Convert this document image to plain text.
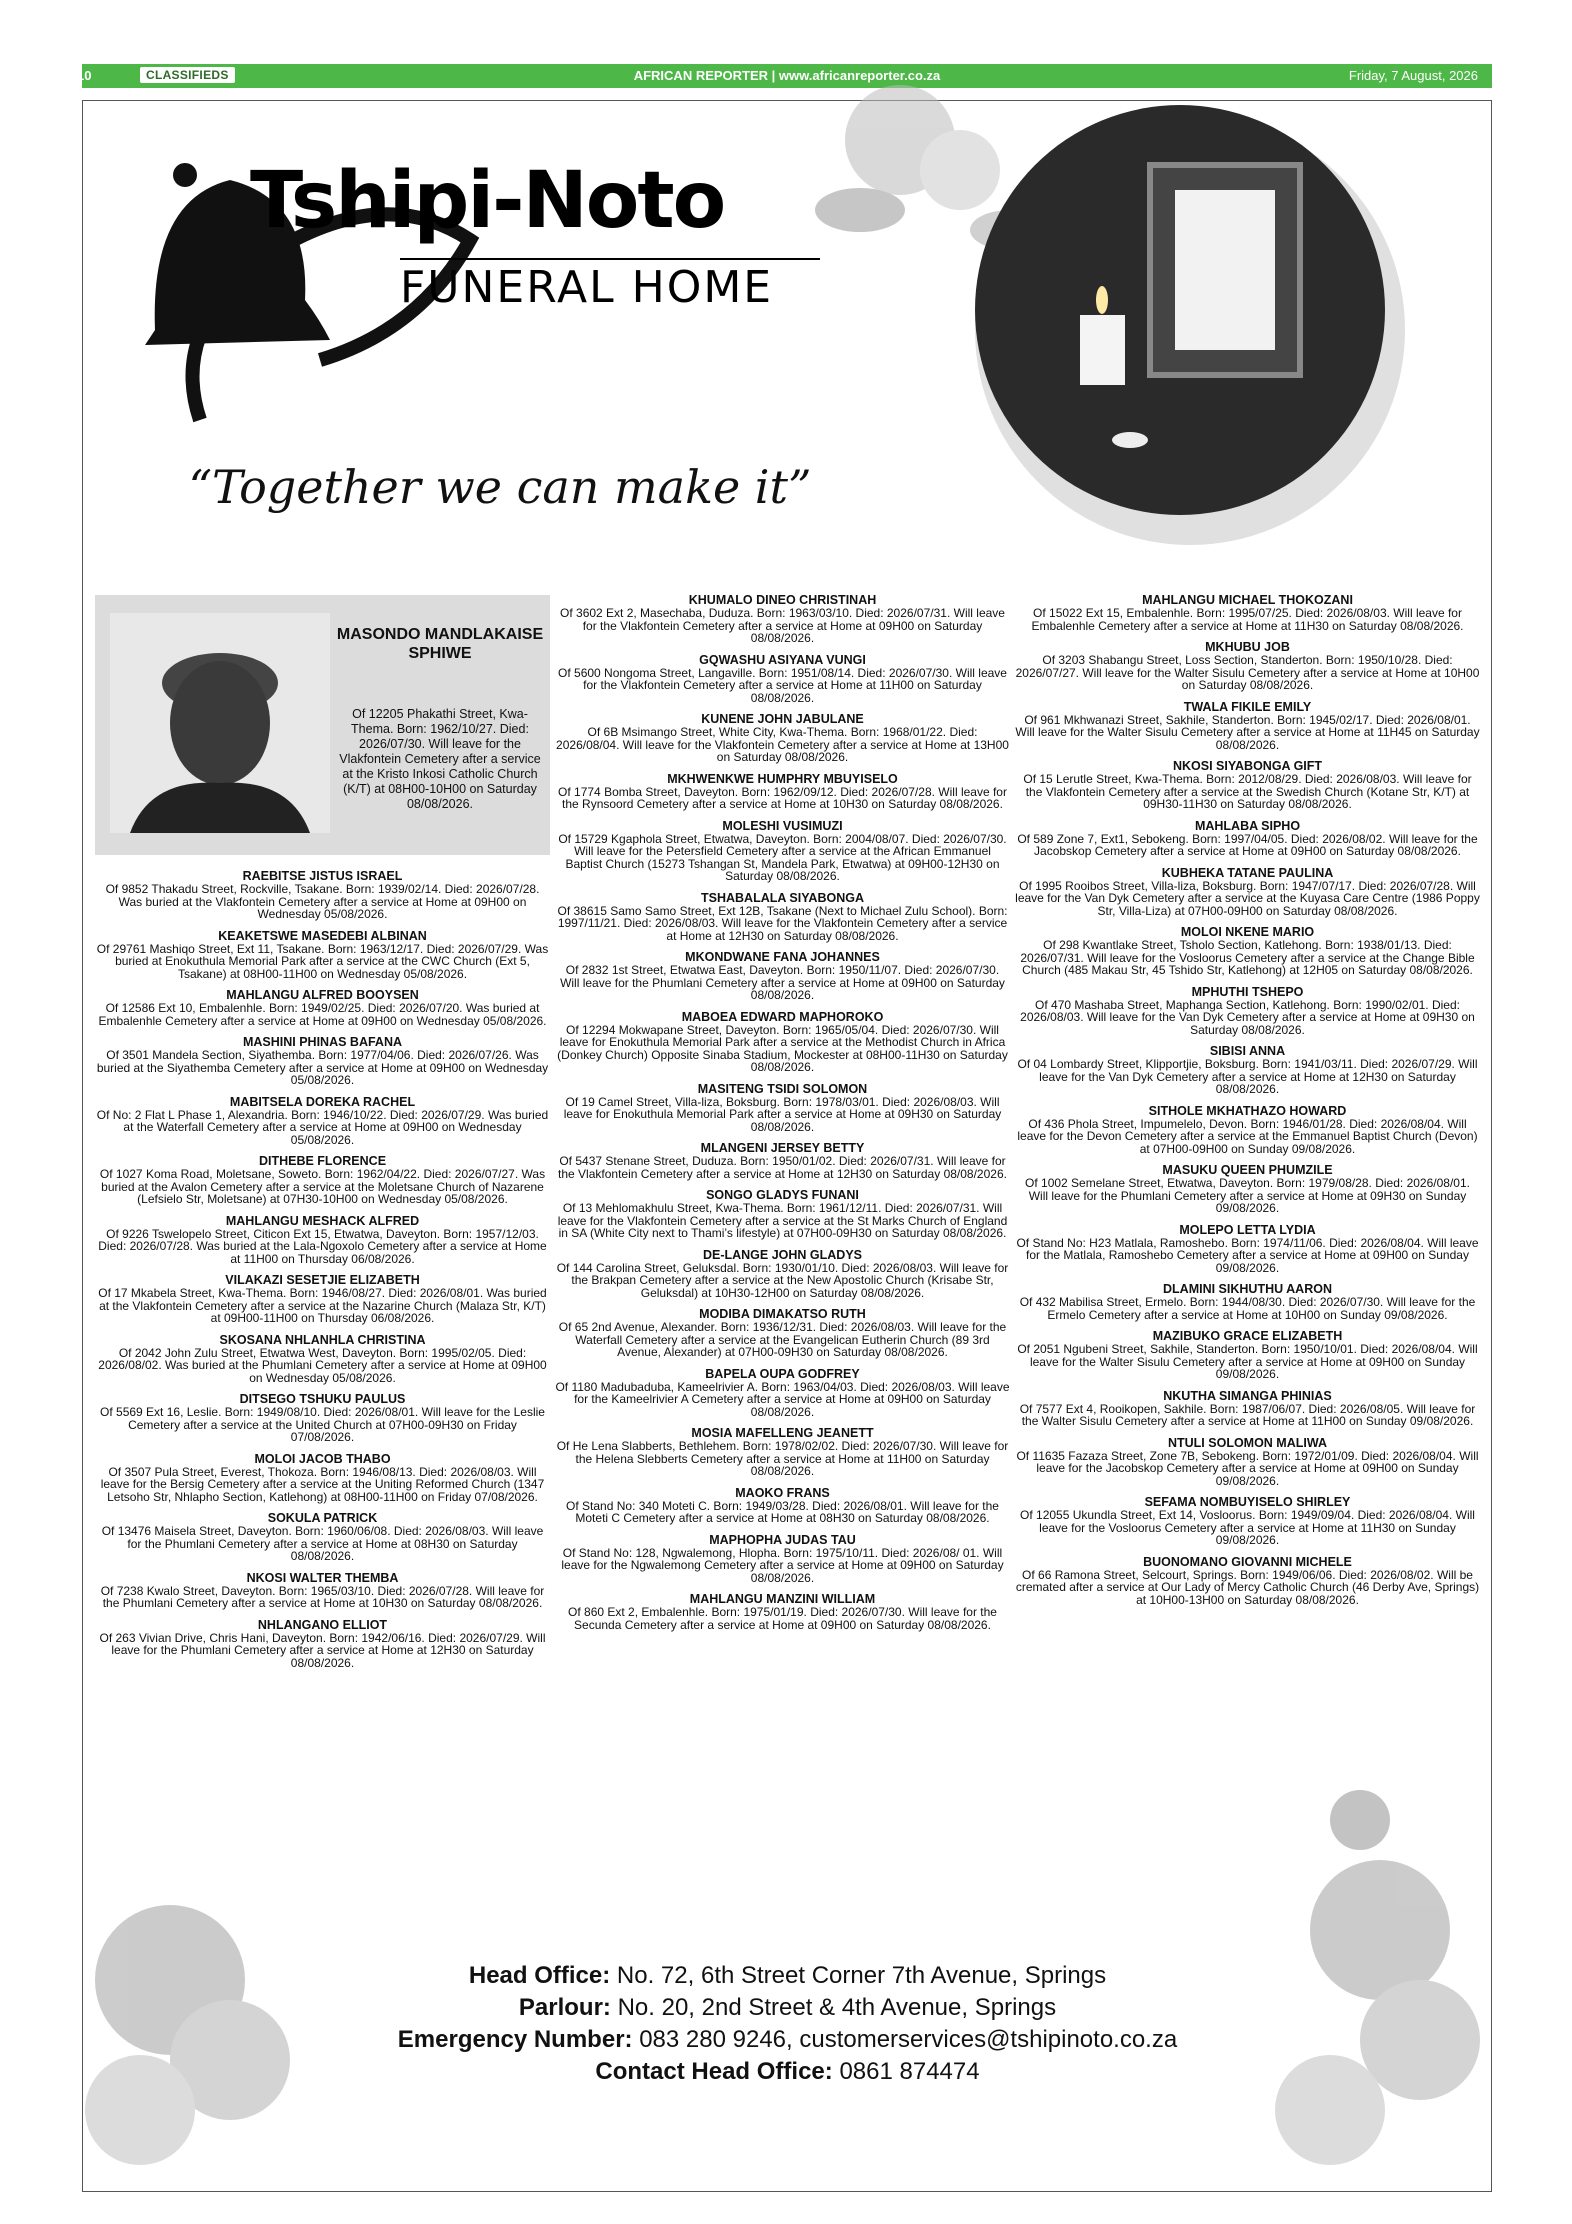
10	CLASSIFIEDS	AFRICAN REPORTER | www.africanreporter.co.za	Friday, 7 August, 2026
Tshipi-Noto
FUNERAL HOME
“Together we can make it”
MASONDO MANDLAKAISE SPHIWE
Of 12205 Phakathi Street, Kwa-Thema. Born: 1962/10/27. Died: 2026/07/30. Will leave for the Vlakfontein Cemetery after a service at the Kristo Inkosi Catholic Church (K/T) at 08H00-10H00 on Saturday 08/08/2026.
RAEBITSE JISTUS ISRAEL
Of 9852 Thakadu Street, Rockville, Tsakane. Born: 1939/02/14. Died: 2026/07/28. Was buried at the Vlakfontein Cemetery after a service at Home at 09H00 on Wednesday 05/08/2026.
KEAKETSWE MASEDEBI ALBINAN
Of 29761 Mashiqo Street, Ext 11, Tsakane. Born: 1963/12/17. Died: 2026/07/29. Was buried at Enokuthula Memorial Park after a service at the CWC Church (Ext 5, Tsakane) at 08H00-11H00 on Wednesday 05/08/2026.
MAHLANGU ALFRED BOOYSEN
Of 12586 Ext 10, Embalenhle. Born: 1949/02/25. Died: 2026/07/20. Was buried at Embalenhle Cemetery after a service at Home at 09H00 on Wednesday 05/08/2026.
MASHINI PHINAS BAFANA
Of 3501 Mandela Section, Siyathemba. Born: 1977/04/06. Died: 2026/07/26. Was buried at the Siyathemba Cemetery after a service at Home at 09H00 on Wednesday 05/08/2026.
MABITSELA DOREKA RACHEL
Of No: 2 Flat L Phase 1, Alexandria. Born: 1946/10/22. Died: 2026/07/29. Was buried at the Waterfall Cemetery after a service at Home at 09H00 on Wednesday 05/08/2026.
DITHEBE FLORENCE
Of 1027 Koma Road, Moletsane, Soweto. Born: 1962/04/22. Died: 2026/07/27. Was buried at the Avalon Cemetery after a service at the Moletsane Church of Nazarene (Lefsielo Str, Moletsane) at 07H30-10H00 on Wednesday 05/08/2026.
MAHLANGU MESHACK ALFRED
Of 9226 Tswelopelo Street, Citicon Ext 15, Etwatwa, Daveyton. Born: 1957/12/03. Died: 2026/07/28. Was buried at the Lala-Ngoxolo Cemetery after a service at Home at 11H00 on Thursday 06/08/2026.
VILAKAZI SESETJIE ELIZABETH
Of 17 Mkabela Street, Kwa-Thema. Born: 1946/08/27. Died: 2026/08/01. Was buried at the Vlakfontein Cemetery after a service at the Nazarine Church (Malaza Str, K/T) at 09H00-11H00 on Thursday 06/08/2026.
SKOSANA NHLANHLA CHRISTINA
Of 2042 John Zulu Street, Etwatwa West, Daveyton. Born: 1995/02/05. Died: 2026/08/02. Was buried at the Phumlani Cemetery after a service at Home at 09H00 on Wednesday 05/08/2026.
DITSEGO TSHUKU PAULUS
Of 5569 Ext 16, Leslie. Born: 1949/08/10. Died: 2026/08/01. Will leave for the Leslie Cemetery after a service at the United Church at 07H00-09H30 on Friday 07/08/2026.
MOLOI JACOB THABO
Of 3507 Pula Street, Everest, Thokoza. Born: 1946/08/13. Died: 2026/08/03. Will leave for the Bersig Cemetery after a service at the Uniting Reformed Church (1347 Letsoho Str, Nhlapho Section, Katlehong) at 08H00-11H00 on Friday 07/08/2026.
SOKULA PATRICK
Of 13476 Maisela Street, Daveyton. Born: 1960/06/08. Died: 2026/08/03. Will leave for the Phumlani Cemetery after a service at Home at 08H30 on Saturday 08/08/2026.
NKOSI WALTER THEMBA
Of 7238 Kwalo Street, Daveyton. Born: 1965/03/10. Died: 2026/07/28. Will leave for the Phumlani Cemetery after a service at Home at 10H30 on Saturday 08/08/2026.
NHLANGANO ELLIOT
Of 263 Vivian Drive, Chris Hani, Daveyton. Born: 1942/06/16. Died: 2026/07/29. Will leave for the Phumlani Cemetery after a service at Home at 12H30 on Saturday 08/08/2026.
KHUMALO DINEO CHRISTINAH
Of 3602 Ext 2, Masechaba, Duduza. Born: 1963/03/10. Died: 2026/07/31. Will leave for the Vlakfontein Cemetery after a service at Home at 09H00 on Saturday 08/08/2026.
GQWASHU ASIYANA VUNGI
Of 5600 Nongoma Street, Langaville. Born: 1951/08/14. Died: 2026/07/30. Will leave for the Vlakfontein Cemetery after a service at Home at 11H00 on Saturday 08/08/2026.
KUNENE JOHN JABULANE
Of 6B Msimango Street, White City, Kwa-Thema. Born: 1968/01/22. Died: 2026/08/04. Will leave for the Vlakfontein Cemetery after a service at Home at 13H00 on Saturday 08/08/2026.
MKHWENKWE HUMPHRY MBUYISELO
Of 1774 Bomba Street, Daveyton. Born: 1962/09/12. Died: 2026/07/28. Will leave for the Rynsoord Cemetery after a service at Home at 10H30 on Saturday 08/08/2026.
MOLESHI VUSIMUZI
Of 15729 Kgaphola Street, Etwatwa, Daveyton. Born: 2004/08/07. Died: 2026/07/30. Will leave for the Petersfield Cemetery after a service at the African Emmanuel Baptist Church (15273 Tshangan St, Mandela Park, Etwatwa) at 09H00-12H30 on Saturday 08/08/2026.
TSHABALALA SIYABONGA
Of 38615 Samo Samo Street, Ext 12B, Tsakane (Next to Michael Zulu School). Born: 1997/11/21. Died: 2026/08/03. Will leave for the Vlakfontein Cemetery after a service at Home at 12H30 on Saturday 08/08/2026.
MKONDWANE FANA JOHANNES
Of 2832 1st Street, Etwatwa East, Daveyton. Born: 1950/11/07. Died: 2026/07/30. Will leave for the Phumlani Cemetery after a service at Home at 09H00 on Saturday 08/08/2026.
MABOEA EDWARD MAPHOROKO
Of 12294 Mokwapane Street, Daveyton. Born: 1965/05/04. Died: 2026/07/30. Will leave for Enokuthula Memorial Park after a service at the Methodist Church in Africa (Donkey Church) Opposite Sinaba Stadium, Mockester at 08H00-11H30 on Saturday 08/08/2026.
MASITENG TSIDI SOLOMON
Of 19 Camel Street, Villa-liza, Boksburg. Born: 1978/03/01. Died: 2026/08/03. Will leave for Enokuthula Memorial Park after a service at Home at 09H30 on Saturday 08/08/2026.
MLANGENI JERSEY BETTY
Of 5437 Stenane Street, Duduza. Born: 1950/01/02. Died: 2026/07/31. Will leave for the Vlakfontein Cemetery after a service at Home at 12H30 on Saturday 08/08/2026.
SONGO GLADYS FUNANI
Of 13 Mehlomakhulu Street, Kwa-Thema. Born: 1961/12/11. Died: 2026/07/31. Will leave for the Vlakfontein Cemetery after a service at the St Marks Church of England in SA (White City next to Thami’s lifestyle) at 07H00-09H30 on Saturday 08/08/2026.
DE-LANGE JOHN GLADYS
Of 144 Carolina Street, Geluksdal. Born: 1930/01/10. Died: 2026/08/03. Will leave for the Brakpan Cemetery after a service at the New Apostolic Church (Krisabe Str, Geluksdal) at 10H30-12H00 on Saturday 08/08/2026.
MODIBA DIMAKATSO RUTH
Of 65 2nd Avenue, Alexander. Born: 1936/12/31. Died: 2026/08/03. Will leave for the Waterfall Cemetery after a service at the Evangelican Eutherin Church (89 3rd Avenue, Alexander) at 07H00-09H30 on Saturday 08/08/2026.
BAPELA OUPA GODFREY
Of 1180 Madubaduba, Kameelrivier A. Born: 1963/04/03. Died: 2026/08/03. Will leave for the Kameelrivier A Cemetery after a service at Home at 09H00 on Saturday 08/08/2026.
MOSIA MAFELLENG JEANETT
Of He Lena Slabberts, Bethlehem. Born: 1978/02/02. Died: 2026/07/30. Will leave for the Helena Slebberts Cemetery after a service at Home at 11H00 on Saturday 08/08/2026.
MAOKO FRANS
Of Stand No: 340 Moteti C. Born: 1949/03/28. Died: 2026/08/01. Will leave for the Moteti C Cemetery after a service at Home at 08H30 on Saturday 08/08/2026.
MAPHOPHA JUDAS TAU
Of Stand No: 128, Ngwalemong, Hlopha. Born: 1975/10/11. Died: 2026/08/ 01. Will leave for the Ngwalemong Cemetery after a service at Home at 09H00 on Saturday 08/08/2026.
MAHLANGU MANZINI WILLIAM
Of 860 Ext 2, Embalenhle. Born: 1975/01/19. Died: 2026/07/30. Will leave for the Secunda Cemetery after a service at Home at 09H00 on Saturday 08/08/2026.
MAHLANGU MICHAEL THOKOZANI
Of 15022 Ext 15, Embalenhle. Born: 1995/07/25. Died: 2026/08/03. Will leave for Embalenhle Cemetery after a service at Home at 11H30 on Saturday 08/08/2026.
MKHUBU JOB
Of 3203 Shabangu Street, Loss Section, Standerton. Born: 1950/10/28. Died: 2026/07/27. Will leave for the Walter Sisulu Cemetery after a service at Home at 10H00 on Saturday 08/08/2026.
TWALA FIKILE EMILY
Of 961 Mkhwanazi Street, Sakhile, Standerton. Born: 1945/02/17. Died: 2026/08/01. Will leave for the Walter Sisulu Cemetery after a service at Home at 11H45 on Saturday 08/08/2026.
NKOSI SIYABONGA GIFT
Of 15 Lerutle Street, Kwa-Thema. Born: 2012/08/29. Died: 2026/08/03. Will leave for the Vlakfontein Cemetery after a service at the Swedish Church (Kotane Str, K/T) at 09H30-11H30 on Saturday 08/08/2026.
MAHLABA SIPHO
Of 589 Zone 7, Ext1, Sebokeng. Born: 1997/04/05. Died: 2026/08/02. Will leave for the Jacobskop Cemetery after a service at Home at 09H00 on Saturday 08/08/2026.
KUBHEKA TATANE PAULINA
Of 1995 Rooibos Street, Villa-liza, Boksburg. Born: 1947/07/17. Died: 2026/07/28. Will leave for the Van Dyk Cemetery after a service at the Kuyasa Care Centre (1986 Poppy Str, Villa-Liza) at 07H00-09H00 on Saturday 08/08/2026.
MOLOI NKENE MARIO
Of 298 Kwantlake Street, Tsholo Section, Katlehong. Born: 1938/01/13. Died: 2026/07/31. Will leave for the Vosloorus Cemetery after a service at the Change Bible Church (485 Makau Str, 45 Tshido Str, Katlehong) at 12H05 on Saturday 08/08/2026.
MPHUTHI TSHEPO
Of 470 Mashaba Street, Maphanga Section, Katlehong. Born: 1990/02/01. Died: 2026/08/03. Will leave for the Van Dyk Cemetery after a service at Home at 09H30 on Saturday 08/08/2026.
SIBISI ANNA
Of 04 Lombardy Street, Klipportjie, Boksburg. Born: 1941/03/11. Died: 2026/07/29. Will leave for the Van Dyk Cemetery after a service at Home at 12H30 on Saturday 08/08/2026.
SITHOLE MKHATHAZO HOWARD
Of 436 Phola Street, Impumelelo, Devon. Born: 1946/01/28. Died: 2026/08/04. Will leave for the Devon Cemetery after a service at the Emmanuel Baptist Church (Devon) at 07H00-09H00 on Sunday 09/08/2026.
MASUKU QUEEN PHUMZILE
Of 1002 Semelane Street, Etwatwa, Daveyton. Born: 1979/08/28. Died: 2026/08/01. Will leave for the Phumlani Cemetery after a service at Home at 09H30 on Sunday 09/08/2026.
MOLEPO LETTA LYDIA
Of Stand No: H23 Matlala, Ramoshebo. Born: 1974/11/06. Died: 2026/08/04. Will leave for the Matlala, Ramoshebo Cemetery after a service at Home at 09H00 on Sunday 09/08/2026.
DLAMINI SIKHUTHU AARON
Of 432 Mabilisa Street, Ermelo. Born: 1944/08/30. Died: 2026/07/30. Will leave for the Ermelo Cemetery after a service at Home at 10H00 on Sunday 09/08/2026.
MAZIBUKO GRACE ELIZABETH
Of 2051 Ngubeni Street, Sakhile, Standerton. Born: 1950/10/01. Died: 2026/08/04. Will leave for the Walter Sisulu Cemetery after a service at Home at 09H00 on Sunday 09/08/2026.
NKUTHA SIMANGA PHINIAS
Of 7577 Ext 4, Rooikopen, Sakhile. Born: 1987/06/07. Died: 2026/08/05. Will leave for the Walter Sisulu Cemetery after a service at Home at 11H00 on Sunday 09/08/2026.
NTULI SOLOMON MALIWA
Of 11635 Fazaza Street, Zone 7B, Sebokeng. Born: 1972/01/09. Died: 2026/08/04. Will leave for the Jacobskop Cemetery after a service at Home at 09H00 on Sunday 09/08/2026.
SEFAMA NOMBUYISELO SHIRLEY
Of 12055 Ukundla Street, Ext 14, Vosloorus. Born: 1949/09/04. Died: 2026/08/04. Will leave for the Vosloorus Cemetery after a service at Home at 11H30 on Sunday 09/08/2026.
BUONOMANO GIOVANNI MICHELE
Of 66 Ramona Street, Selcourt, Springs. Born: 1949/06/06. Died: 2026/08/02. Will be cremated after a service at Our Lady of Mercy Catholic Church (46 Derby Ave, Springs) at 10H00-13H00 on Saturday 08/08/2026.
Head Office: No. 72, 6th Street Corner 7th Avenue, Springs
Parlour: No. 20, 2nd Street & 4th Avenue, Springs
Emergency Number: 083 280 9246, customerservices@tshipinoto.co.za
Contact Head Office: 0861 874474
